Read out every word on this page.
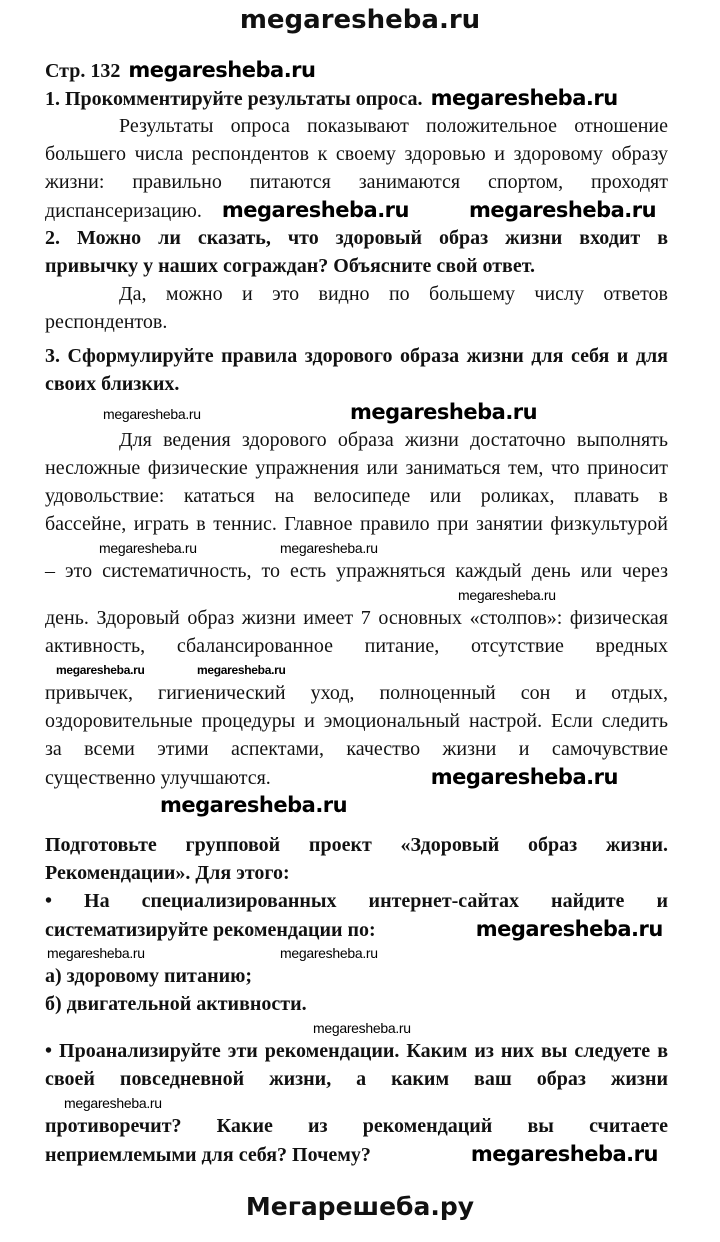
megaresheba.ru
Стр. 132 megaresheba.ru
1. Прокомментируйте результаты опроса. megaresheba.ru
Результаты опроса показывают положительное отношение
большего числа респондентов к своему здоровью и здоровому образу
жизни: правильно питаются занимаются спортом, проходят
диспансеризацию. megaresheba.ru	megaresheba.ru
2. Можно ли сказать, что здоровый образ жизни входит в
привычку у наших сограждан? Объясните свой ответ.
Да, можно и это видно по большему числу ответов
респондентов.
3. Сформулируйте правила здорового образа жизни для себя и для
своих близких.
megaresheba.ru	megaresheba.ru
Для ведения здорового образа жизни достаточно выполнять
несложные физические упражнения или заниматься тем, что приносит
удовольствие: кататься на велосипеде или роликах, плавать в
бассейне, играть в теннис. Главное правило при занятии физкультурой
megaresheba.ru	megaresheba.ru
– это систематичность, то есть упражняться каждый день или через
megaresheba.ru
день. Здоровый образ жизни имеет 7 основных «столпов»: физическая
активность, сбалансированное питание, отсутствие вредных
megaresheba.ru	megaresheba.ru
привычек, гигиенический уход, полноценный сон и отдых,
оздоровительные процедуры и эмоциональный настрой. Если следить
за всеми этими аспектами, качество жизни и самочувствие
существенно улучшаются.	megaresheba.ru
megaresheba.ru
Подготовьте групповой проект «Здоровый образ жизни.
Рекомендации». Для этого:
• На специализированных интернет-сайтах найдите и
систематизируйте рекомендации по:	megaresheba.ru
megaresheba.ru	megaresheba.ru
а) здоровому питанию;
б) двигательной активности.
megaresheba.ru
• Проанализируйте эти рекомендации. Каким из них вы следуете в
своей повседневной жизни, а каким ваш образ жизни
megaresheba.ru
противоречит? Какие из рекомендаций вы считаете
неприемлемыми для себя? Почему?	megaresheba.ru
Мегарешеба.ру
